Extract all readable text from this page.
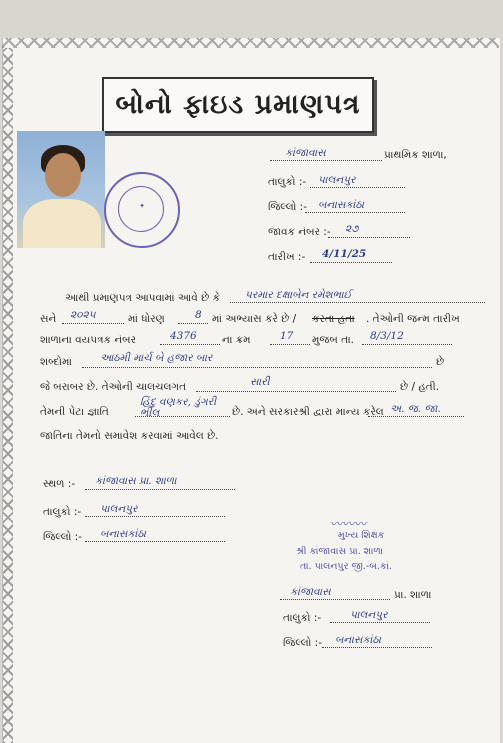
બોનો ફાઇડ પ્રમાણપત્ર
✦
કાંજાવાસ	પ્રાથમિક શાળા,
તાલુકો :- પાલનપુર
જિલ્લો :- બનાસકાંઠા
જાવક નંબર :- ૨૭
તારીખ :- 4/11/25
આથી પ્રમાણપત્ર આપવામાં આવે છે કે પરમાર દક્ષાબેન રમેશભાઈ
સને ૨૦૨૫	માં ધોરણ	8 માં અભ્યાસ કરે છે / કરતા હતા . તેઓની જન્મ તારીખ
શાળાના વયપત્રક નંબર	4376 ના ક્રમ	17 મુજબ તા. 8/3/12
શબ્દોમાં	આઠમી માર્ચ બે હજાર બાર	છે
જે બરાબર છે. તેઓની ચાલચલગત	સારી	છે / હતી.
તેમની પેટા જ્ઞાતિ
હિંદુ વણકર, ડુંગરી ભીલ	છે. અને સરકારશ્રી દ્વારા માન્ય કરેલ અ. જ. જા.
જાતિના તેમનો સમાવેશ કરવામાં આવેલ છે.
સ્થળ :- કાંજાવાસ પ્રા. શાળા
તાલુકો :- પાલનપુર
જિલ્લો :- બનાસકાંઠા
〰〰〰
મુખ્ય શિક્ષક
શ્રી કાંજાવાસ પ્રા. શાળા
તા. પાલનપુર જી.-બ.કાં.
કાંજાવાસ	પ્રા. શાળા
તાલુકો :-	પાલનપુર
જિલ્લો :- બનાસકાંઠા
